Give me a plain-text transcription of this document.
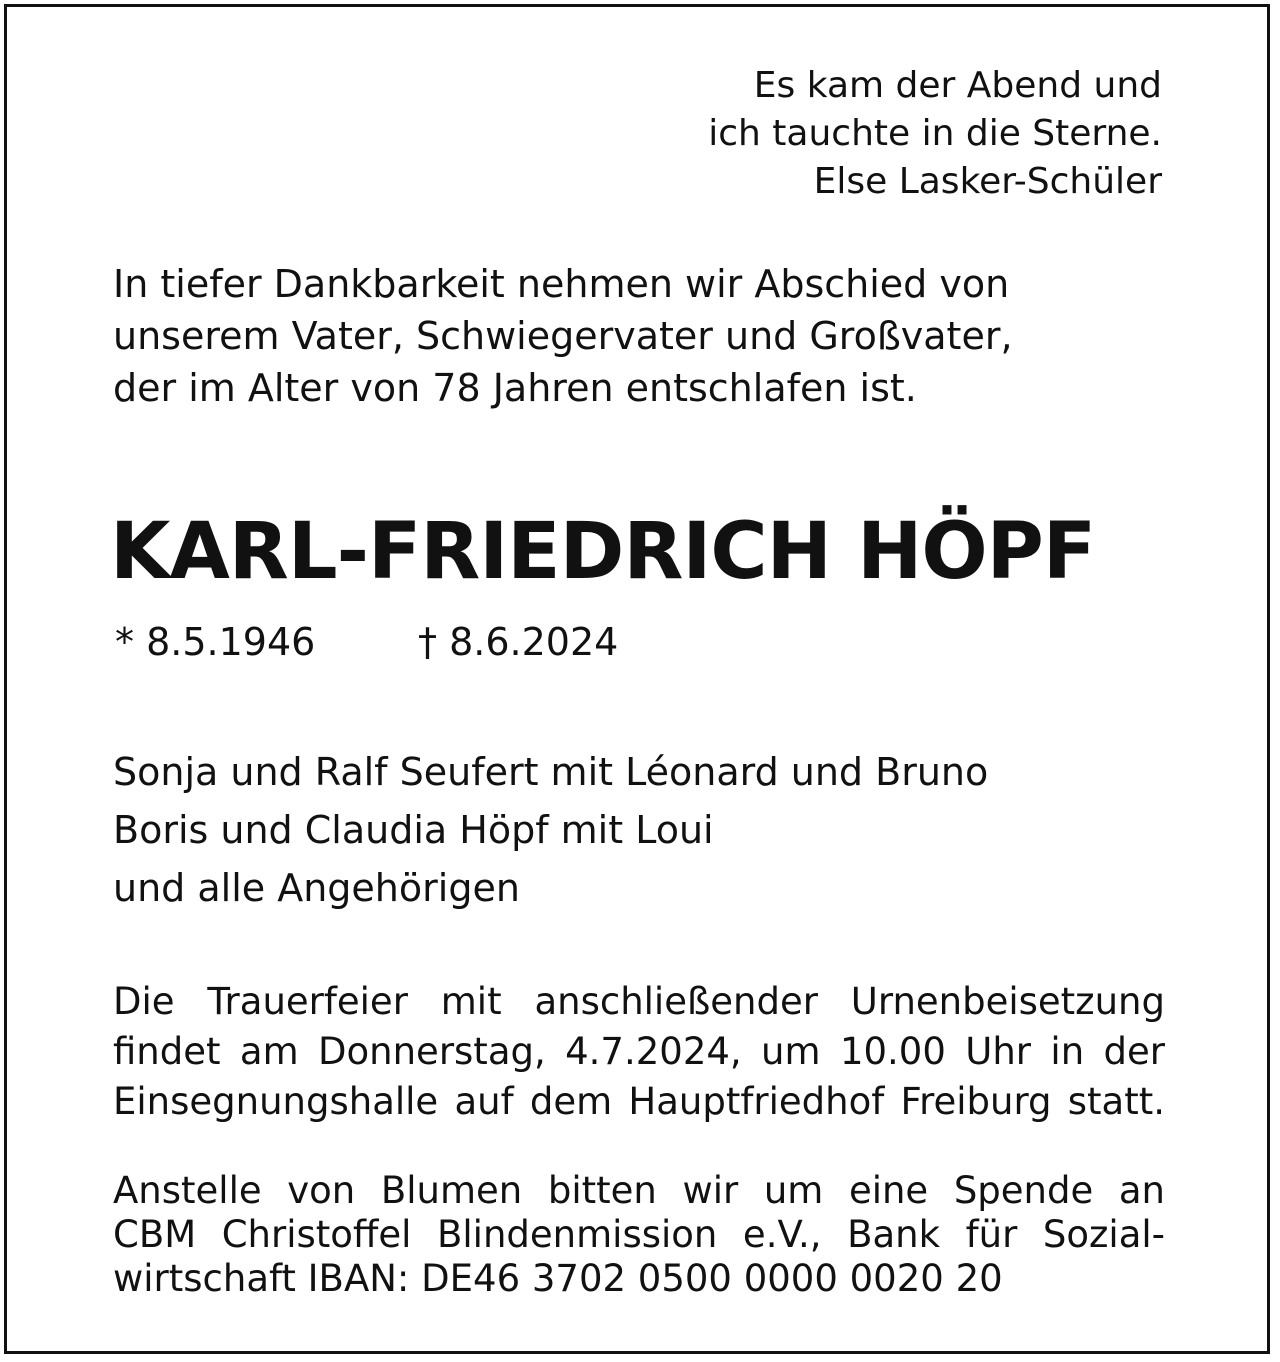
Es kam der Abend und

ich tauchte in die Sterne.

Else Lasker-Schüler

In tiefer Dankbarkeit nehmen wir Abschied von

unserem Vater, Schwiegervater und Großvater,

der im Alter von 78 Jahren entschlafen ist.

KARL-FRIEDRICH HÖPF

* 8.5.1946	† 8.6.2024

Sonja und Ralf Seufert mit Léonard und Bruno

Boris und Claudia Höpf mit Loui

und alle Angehörigen

Die Trauerfeier mit anschließender Urnenbeisetzung

findet am Donnerstag, 4.7.2024, um 10.00 Uhr in der

Einsegnungshalle auf dem Hauptfriedhof Freiburg statt.

Anstelle von Blumen bitten wir um eine Spende an

CBM Christoffel Blindenmission e.V., Bank für Sozial-

wirtschaft IBAN: DE46 3702 0500 0000 0020 20
